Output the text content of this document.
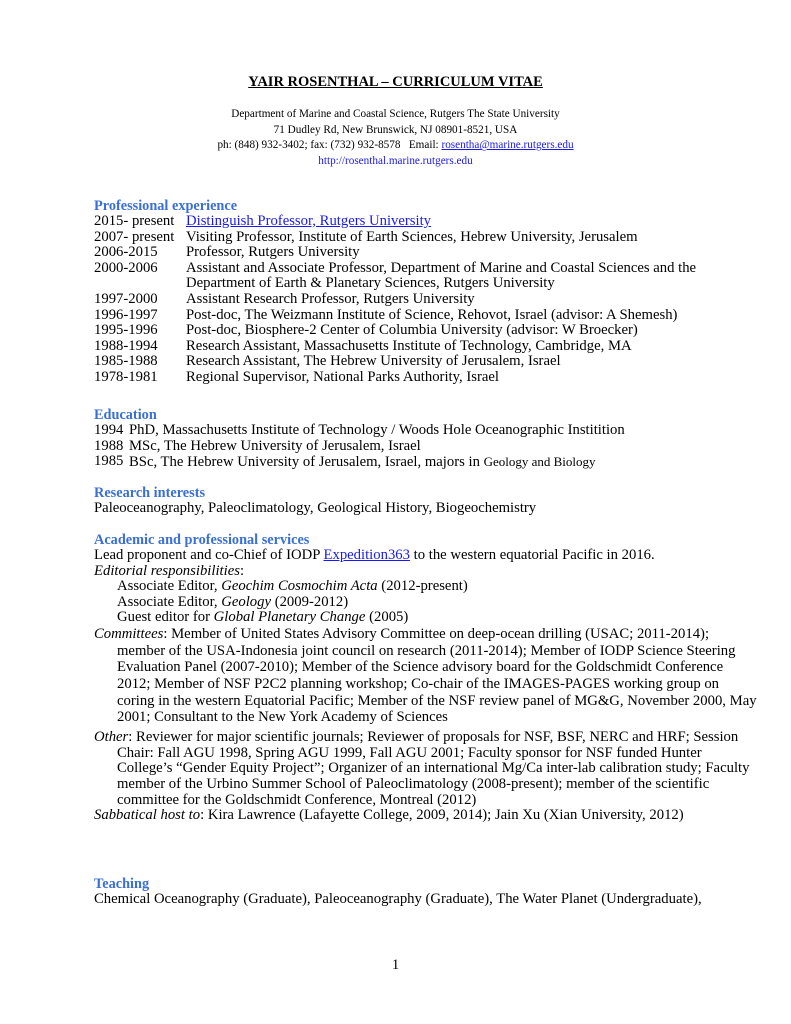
YAIR ROSENTHAL – CURRICULUM VITAE
Department of Marine and Coastal Science, Rutgers The State University
71 Dudley Rd, New Brunswick, NJ 08901-8521, USA
ph: (848) 932-3402; fax: (732) 932-8578   Email: rosentha@marine.rutgers.edu
http://rosenthal.marine.rutgers.edu
Professional experience
2015- present	Distinguish Professor, Rutgers University
2007- present	Visiting Professor, Institute of Earth Sciences, Hebrew University, Jerusalem
2006-2015	Professor, Rutgers University
2000-2006	Assistant and Associate Professor, Department of Marine and Coastal Sciences and the Department of Earth & Planetary Sciences, Rutgers University
1997-2000	Assistant Research Professor, Rutgers University
1996-1997	Post-doc, The Weizmann Institute of Science, Rehovot, Israel (advisor: A Shemesh)
1995-1996	Post-doc, Biosphere-2 Center of Columbia University (advisor: W Broecker)
1988-1994	Research Assistant, Massachusetts Institute of Technology, Cambridge, MA
1985-1988	Research Assistant, The Hebrew University of Jerusalem, Israel
1978-1981	Regional Supervisor, National Parks Authority, Israel
Education
1994	PhD, Massachusetts Institute of Technology / Woods Hole Oceanographic Institition
1988	MSc, The Hebrew University of Jerusalem, Israel
1985	BSc, The Hebrew University of Jerusalem, Israel, majors in Geology and Biology
Research interests
Paleoceanography, Paleoclimatology, Geological History, Biogeochemistry
Academic and professional services
Lead proponent and co-Chief of IODP Expedition363 to the western equatorial Pacific in 2016.
Editorial responsibilities:
Associate Editor, Geochim Cosmochim Acta (2012-present)
Associate Editor, Geology (2009-2012)
Guest editor for Global Planetary Change (2005)
Committees: Member of United States Advisory Committee on deep-ocean drilling (USAC; 2011-2014); member of the USA-Indonesia joint council on research (2011-2014); Member of IODP Science Steering Evaluation Panel (2007-2010); Member of the Science advisory board for the Goldschmidt Conference 2012; Member of NSF P2C2 planning workshop; Co-chair of the IMAGES-PAGES working group on coring in the western Equatorial Pacific; Member of the NSF review panel of MG&G, November 2000, May 2001; Consultant to the New York Academy of Sciences
Other: Reviewer for major scientific journals; Reviewer of proposals for NSF, BSF, NERC and HRF; Session Chair: Fall AGU 1998, Spring AGU 1999, Fall AGU 2001; Faculty sponsor for NSF funded Hunter College’s “Gender Equity Project”; Organizer of an international Mg/Ca inter-lab calibration study; Faculty member of the Urbino Summer School of Paleoclimatology (2008-present); member of the scientific committee for the Goldschmidt Conference, Montreal (2012)
Sabbatical host to: Kira Lawrence (Lafayette College, 2009, 2014); Jain Xu (Xian University, 2012)
Teaching
Chemical Oceanography (Graduate), Paleoceanography (Graduate), The Water Planet (Undergraduate),
1
